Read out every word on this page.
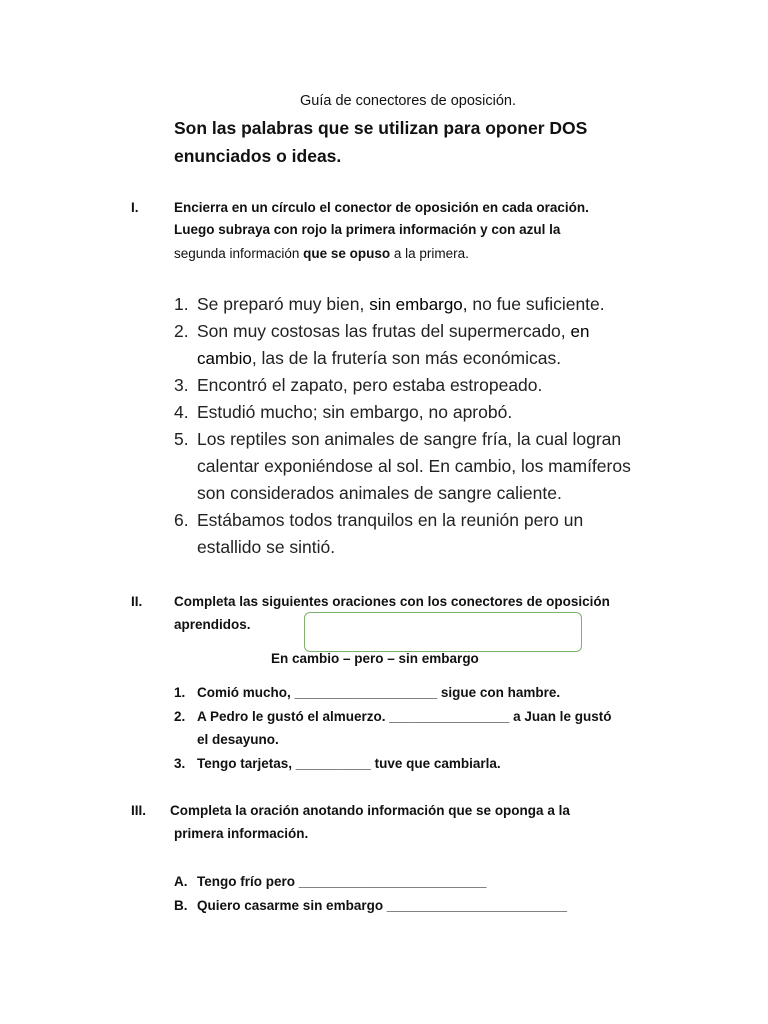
Guía de conectores de oposición.
Son las palabras que se utilizan para oponer DOS
enunciados o ideas.
I.	Encierra en un círculo el conector de oposición en cada oración.
Luego subraya con rojo la primera información y con azul la
segunda información que se opuso a la primera.
1. Se preparó muy bien, sin embargo, no fue suficiente.
2. Son muy costosas las frutas del supermercado, en
cambio, las de la frutería son más económicas.
3. Encontró el zapato, pero estaba estropeado.
4. Estudió mucho; sin embargo, no aprobó.
5. Los reptiles son animales de sangre fría, la cual logran
calentar exponiéndose al sol. En cambio, los mamíferos
son considerados animales de sangre caliente.
6. Estábamos todos tranquilos en la reunión pero un
estallido se sintió.
II. Completa las siguientes oraciones con los conectores de oposición
aprendidos.
En cambio – pero – sin embargo
1. Comió mucho, ___________________ sigue con hambre.
2. A Pedro le gustó el almuerzo. ________________ a Juan le gustó
el desayuno.
3. Tengo tarjetas, __________ tuve que cambiarla.
III. Completa la oración anotando información que se oponga a la
primera información.
A. Tengo frío pero _________________________
B. Quiero casarme sin embargo ________________________
